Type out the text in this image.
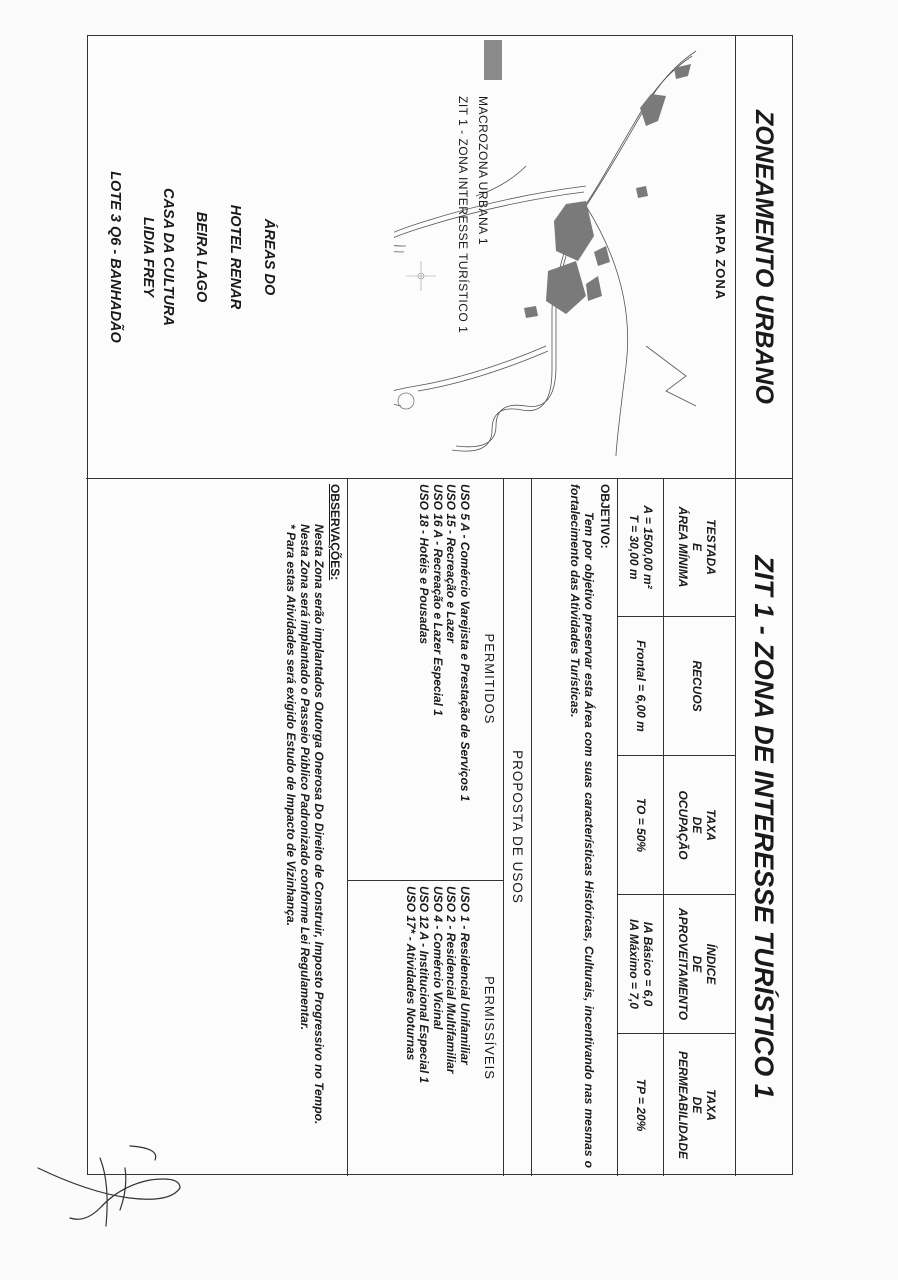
ZONEAMENTO URBANO
ZIT 1 - ZONA DE INTERESSE TURÍSTICO 1
MAPA ZONA
MACROZONA URBANA 1
ZIT 1 - ZONA INTERESSE TURÍSTICO 1
ÁREAS DO
HOTEL RENAR
BEIRA LAGO
CASA DA CULTURA
LIDIA FREY
LOTE 3 Q6 - BANHADÃO
TESTADA
E
ÁREA MÍNIMA
A = 1500,00 m²
T = 30,00 m
RECUOS
Frontal = 6,00 m
TAXA
DE
OCUPAÇÃO
TO = 50%
ÍNDICE
DE
APROVEITAMENTO
IA Básico = 6,0
IA Máximo = 7,0
TAXA
DE
PERMEABILIDADE
TP = 20%
OBJETIVO:
Tem por objetivo preservar esta Área com suas características Históricas, Culturais, incentivando nas mesmas o fortalecimento das Atividades Turísticas.
PROPOSTA DE USOS
PERMITIDOS
USO 5 A - Comércio Varejista e Prestação de Serviços 1
USO 15 - Recreação e Lazer
USO 16 A - Recreação e Lazer Especial 1
USO 18 - Hotéis e Pousadas
PERMISSÍVEIS
USO 1 - Residencial Unifamiliar
USO 2 - Residencial Multifamiliar
USO 4 - Comércio Vicinal
USO 12 A - Institucional Especial 1
USO 17* - Atividades Noturnas
OBSERVAÇÕES:

Nesta Zona serão implantados Outorga Onerosa Do Direito de Construir, Imposto Progressivo no Tempo.

Nesta Zona será implantado o Passeio Público Padronizado conforme Lei Regulamentar.

* Para estas Atividades será exigido Estudo de Impacto de Vizinhança.
